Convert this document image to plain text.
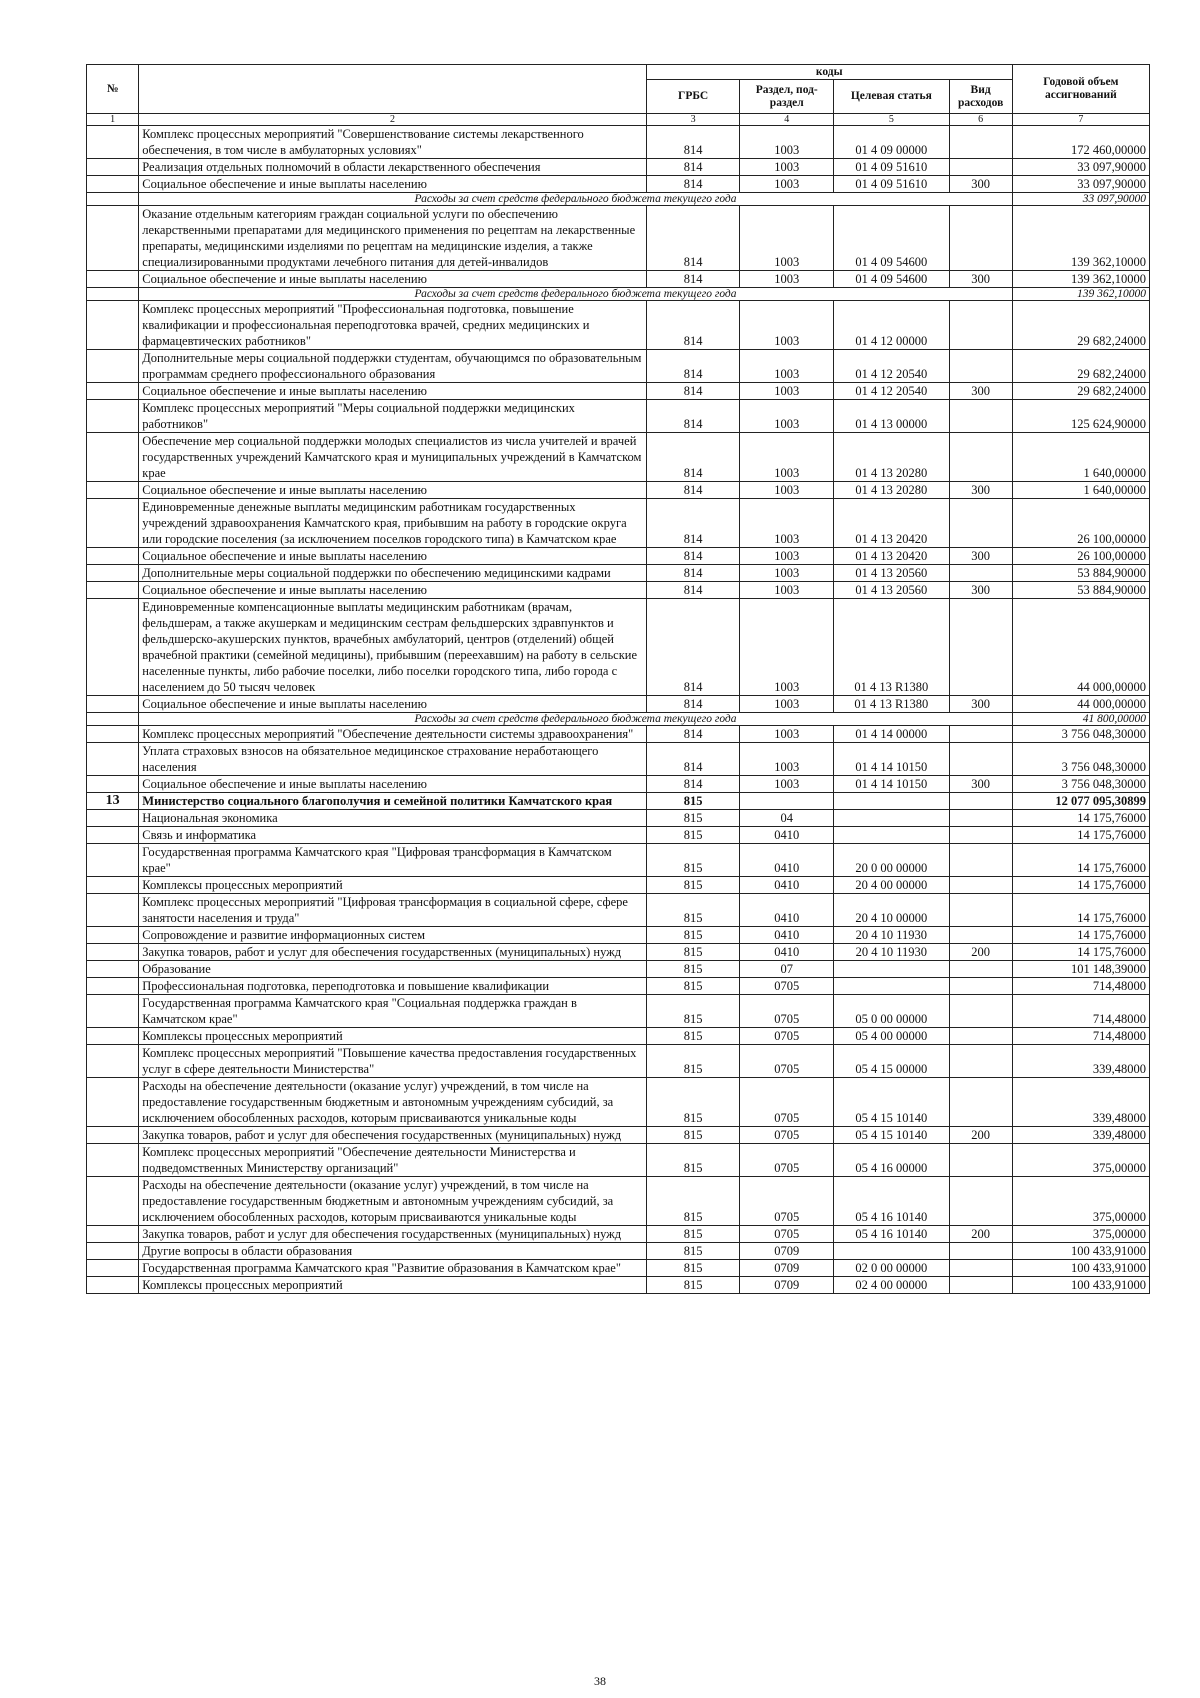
№		коды				Годовой объем ассигнований
		ГРБС	Раздел, под-раздел	Целевая статья	Вид расходов	
1	2	3	4	5	6	7
	Комплекс процессных мероприятий "Совершенствование системы лекарственного обеспечения, в том числе в амбулаторных условиях"	814	1003	01 4 09 00000		172 460,00000
	Реализация отдельных полномочий в области лекарственного обеспечения	814	1003	01 4 09 51610		33 097,90000
	Социальное обеспечение и иные выплаты населению	814	1003	01 4 09 51610	300	33 097,90000
	Расходы за счет средств федерального бюджета текущего года					33 097,90000
	Оказание отдельным категориям граждан социальной услуги по обеспечению лекарственными препаратами для медицинского применения по рецептам на лекарственные препараты, медицинскими изделиями по рецептам на медицинские изделия, а также специализированными продуктами лечебного питания для детей-инвалидов	814	1003	01 4 09 54600		139 362,10000
	Социальное обеспечение и иные выплаты населению	814	1003	01 4 09 54600	300	139 362,10000
	Расходы за счет средств федерального бюджета текущего года					139 362,10000
	Комплекс процессных мероприятий "Профессиональная подготовка, повышение квалификации и профессиональная переподготовка врачей, средних медицинских и фармацевтических работников"	814	1003	01 4 12 00000		29 682,24000
	Дополнительные меры социальной поддержки студентам, обучающимся по образовательным программам среднего профессионального образования	814	1003	01 4 12 20540		29 682,24000
	Социальное обеспечение и иные выплаты населению	814	1003	01 4 12 20540	300	29 682,24000
	Комплекс процессных мероприятий "Меры социальной поддержки медицинских работников"	814	1003	01 4 13 00000		125 624,90000
	Обеспечение мер социальной поддержки молодых специалистов из числа учителей и врачей государственных учреждений Камчатского края и муниципальных учреждений в Камчатском крае	814	1003	01 4 13 20280		1 640,00000
	Социальное обеспечение и иные выплаты населению	814	1003	01 4 13 20280	300	1 640,00000
	Единовременные денежные выплаты медицинским работникам государственных учреждений здравоохранения Камчатского края, прибывшим на работу в городские округа или городские поселения (за исключением поселков городского типа) в Камчатском крае	814	1003	01 4 13 20420		26 100,00000
	Социальное обеспечение и иные выплаты населению	814	1003	01 4 13 20420	300	26 100,00000
	Дополнительные меры социальной поддержки по обеспечению медицинскими кадрами	814	1003	01 4 13 20560		53 884,90000
	Социальное обеспечение и иные выплаты населению	814	1003	01 4 13 20560	300	53 884,90000
	Единовременные компенсационные выплаты медицинским работникам (врачам, фельдшерам, а также акушеркам и медицинским сестрам фельдшерских здравпунктов и фельдшерско-акушерских пунктов, врачебных амбулаторий, центров (отделений) общей врачебной практики (семейной медицины), прибывшим (переехавшим) на работу в сельские населенные пункты, либо рабочие поселки, либо поселки городского типа, либо города с населением до 50 тысяч человек	814	1003	01 4 13 R1380		44 000,00000
	Социальное обеспечение и иные выплаты населению	814	1003	01 4 13 R1380	300	44 000,00000
	Расходы за счет средств федерального бюджета текущего года					41 800,00000
	Комплекс процессных мероприятий "Обеспечение деятельности системы здравоохранения"	814	1003	01 4 14 00000		3 756 048,30000
	Уплата страховых взносов на обязательное медицинское страхование неработающего населения	814	1003	01 4 14 10150		3 756 048,30000
	Социальное обеспечение и иные выплаты населению	814	1003	01 4 14 10150	300	3 756 048,30000
13	Министерство социального благополучия и семейной политики Камчатского края	815				12 077 095,30899
	Национальная экономика	815	04			14 175,76000
	Связь и информатика	815	0410			14 175,76000
	Государственная программа Камчатского края "Цифровая трансформация в Камчатском крае"	815	0410	20 0 00 00000		14 175,76000
	Комплексы процессных мероприятий	815	0410	20 4 00 00000		14 175,76000
	Комплекс процессных мероприятий "Цифровая трансформация в социальной сфере, сфере занятости населения и труда"	815	0410	20 4 10 00000		14 175,76000
	Сопровождение и развитие информационных систем	815	0410	20 4 10 11930		14 175,76000
	Закупка товаров, работ и услуг для обеспечения государственных (муниципальных) нужд	815	0410	20 4 10 11930	200	14 175,76000
	Образование	815	07			101 148,39000
	Профессиональная подготовка, переподготовка и повышение квалификации	815	0705			714,48000
	Государственная программа Камчатского края "Социальная поддержка граждан в Камчатском крае"	815	0705	05 0 00 00000		714,48000
	Комплексы процессных мероприятий	815	0705	05 4 00 00000		714,48000
	Комплекс процессных мероприятий "Повышение качества предоставления государственных услуг в сфере деятельности Министерства"	815	0705	05 4 15 00000		339,48000
	Расходы на обеспечение деятельности (оказание услуг) учреждений, в том числе на предоставление государственным бюджетным и автономным учреждениям субсидий, за исключением обособленных расходов, которым присваиваются уникальные коды	815	0705	05 4 15 10140		339,48000
	Закупка товаров, работ и услуг для обеспечения государственных (муниципальных) нужд	815	0705	05 4 15 10140	200	339,48000
	Комплекс процессных мероприятий "Обеспечение деятельности Министерства и подведомственных Министерству организаций"	815	0705	05 4 16 00000		375,00000
	Расходы на обеспечение деятельности (оказание услуг) учреждений, в том числе на предоставление государственным бюджетным и автономным учреждениям субсидий, за исключением обособленных расходов, которым присваиваются уникальные коды	815	0705	05 4 16 10140		375,00000
	Закупка товаров, работ и услуг для обеспечения государственных (муниципальных) нужд	815	0705	05 4 16 10140	200	375,00000
	Другие вопросы в области образования	815	0709			100 433,91000
	Государственная программа Камчатского края "Развитие образования в Камчатском крае"	815	0709	02 0 00 00000		100 433,91000
	Комплексы процессных мероприятий	815	0709	02 4 00 00000		100 433,91000
38
